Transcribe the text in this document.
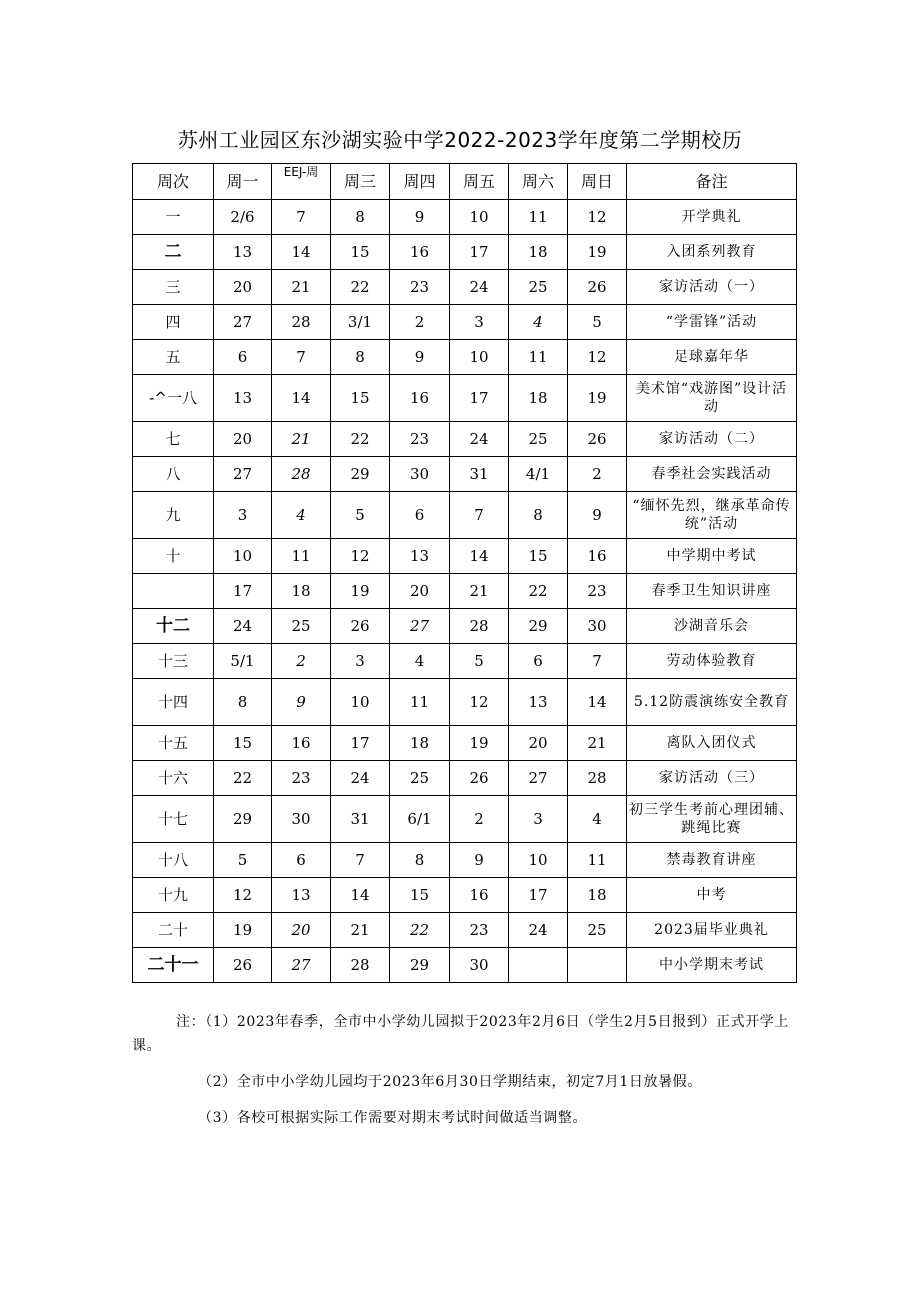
苏州工业园区东沙湖实验中学2022-2023学年度第二学期校历
周次	周一	EEJ-周	周三	周四	周五	周六	周日	备注
一	2/6	7	8	9	10	11	12	开学典礼
二	13	14	15	16	17	18	19	入团系列教育
三	20	21	22	23	24	25	26	家访活动（一）
四	27	28	3/1	2	3	4	5	“学雷锋”活动
五	6	7	8	9	10	11	12	足球嘉年华
-^一八	13	14	15	16	17	18	19	美术馆“戏游图”设计活动
七	20	21	22	23	24	25	26	家访活动（二）
八	27	28	29	30	31	4/1	2	春季社会实践活动
九	3	4	5	6	7	8	9	“缅怀先烈，继承革命传统”活动
十	10	11	12	13	14	15	16	中学期中考试
	17	18	19	20	21	22	23	春季卫生知识讲座
十二	24	25	26	27	28	29	30	沙湖音乐会
十三	5/1	2	3	4	5	6	7	劳动体验教育
十四	8	9	10	11	12	13	14	5.12防震演练安全教育
十五	15	16	17	18	19	20	21	离队入团仪式
十六	22	23	24	25	26	27	28	家访活动（三）
十七	29	30	31	6/1	2	3	4	初三学生考前心理团辅、跳绳比赛
十八	5	6	7	8	9	10	11	禁毒教育讲座
十九	12	13	14	15	16	17	18	中考
二十	19	20	21	22	23	24	25	2023届毕业典礼
二十一	26	27	28	29	30			中小学期末考试

注：（1）2023年春季，全市中小学幼儿园拟于2023年2月6日（学生2月5日报到）正式开学上课。

（2）全市中小学幼儿园均于2023年6月30日学期结束，初定7月1日放暑假。

（3）各校可根据实际工作需要对期末考试时间做适当调整。
